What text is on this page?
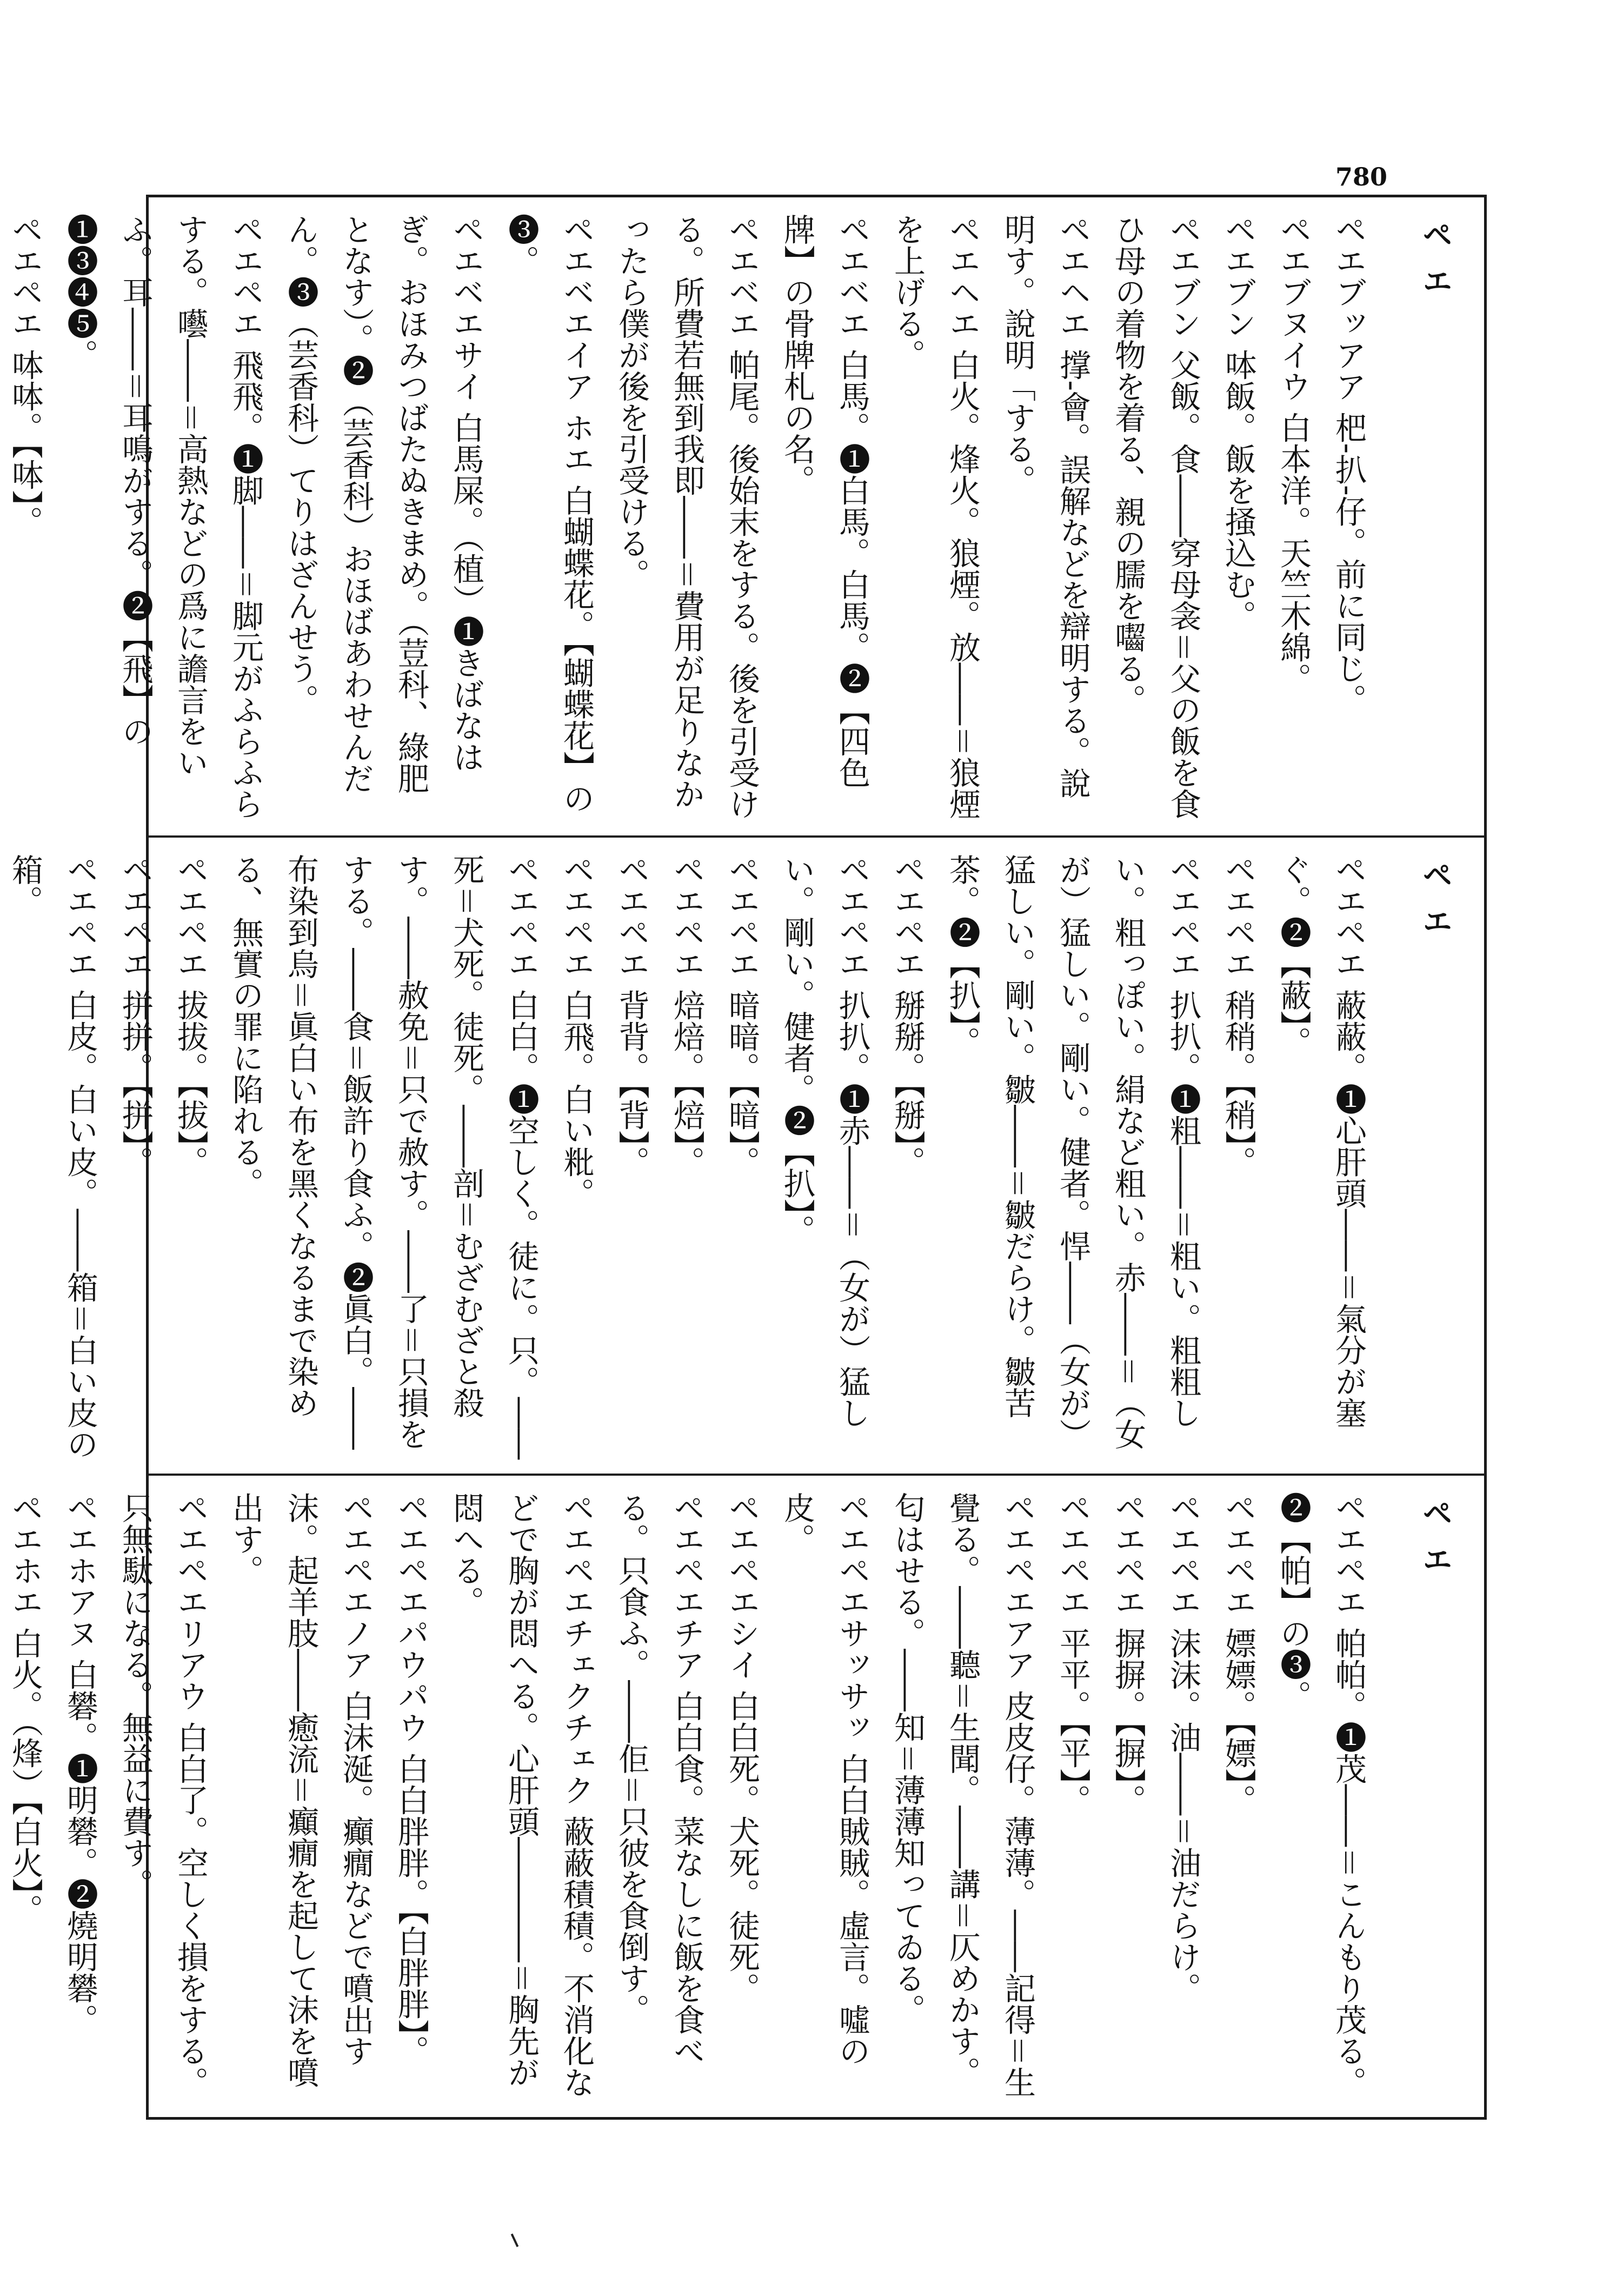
780
ペエ

ペエブッアア 杷-扒-仔。前に同じ。

ペエブヌイウ 白本洋。天竺木綿。

ペエブン 呠飯。飯を掻込む。

ペエブン 父飯。食――穿母衾＝父の飯を食ひ母の着物を着る、親の臑を囓る。

ペエヘエ 撑-會。誤解などを辯明する。說明す。說明「する。

ペエヘエ 白火。烽火。狼煙。放――＝狼煙を上げる。

ペエベエ 白馬。❶白馬。白馬。❷【四色牌】の骨牌札の名。

ペエベエ 帕尾。後始末をする。後を引受ける。所費若無到我即――＝費用が足りなかったら僕が後を引受ける。

ペエベエイア ホエ 白蝴蝶花。【蝴蝶花】の❸。

ペエベエサイ 白馬屎。（植）❶きばなはぎ。おほみつばたぬきまめ。（荳科、綠肥となす）。❷（芸香科）おほばあわせんだん。❸（芸香科）てりはざんせう。

ペエペエ 飛飛。❶脚――＝脚元がふらふらする。囈――＝高熱などの爲に譫言をいふ。耳――＝耳鳴がする。❷【飛】の❶❸❹❺。

ペエペエ 呠呠。【呠】。

ペエ

ペエペエ 蔽蔽。❶心肝頭――＝氣分が塞ぐ。❷【蔽】。

ペエペエ 稍稍。【稍】。

ペエペエ 扒扒。❶粗――＝粗い。粗粗しい。粗っぽい。絹など粗い。赤――＝（女が）猛しい。剛い。健者。悍――（女が）猛しい。剛い。皺――＝皺だらけ。皺苦茶。❷【扒】。

ペエペエ 掰掰。【掰】。

ペエペエ 扒扒。❶赤――＝（女が）猛しい。剛い。健者。❷【扒】。

ペエペエ 暗暗。【暗】。

ペエペエ 焙焙。【焙】。

ペエペエ 背背。【背】。

ペエペエ 白飛。白い粃。

ペエペエ 白白。❶空しく。徒に。只。――死＝犬死。徒死。――剖＝むざむざと殺す。――赦免＝只で赦す。――了＝只損をする。――食＝飯許り食ふ。❷眞白。――布染到烏＝眞白い布を黑くなるまで染める、無實の罪に陷れる。

ペエペエ 拔拔。【拔】。

ペエペエ 拼拼。【拼】。

ペエペエ 白皮。白い皮。――箱＝白い皮の箱。

ペエ

ペエペエ 帕帕。❶茂――＝こんもり茂る。❷【帕】の❸。

ペエペエ 嫖嫖。【嫖】。

ペエペエ 沫沫。油――＝油だらけ。

ペエペエ 摒摒。【摒】。

ペエペエ 平平。【平】。

ペエペエアア 皮皮仔。薄薄。――記得＝生覺る。――聽＝生聞。――講＝仄めかす。匂はせる。――知＝薄薄知ってゐる。

ペエペエサッサッ 白白賊賊。虛言。噓の皮。

ペエペエシイ 白白死。犬死。徒死。

ペエペエチア 白白食。菜なしに飯を食べる。只食ふ。――佢＝只彼を食倒す。

ペエペエチェクチェク 蔽蔽積積。不消化などで胸が悶へる。心肝頭――――＝胸先が悶へる。

ペエペエパウパウ 白白胖胖。【白胖胖】。

ペエペエノア 白沫涎。癲癇などで噴出す沫。起羊肢――癒流＝癲癇を起して沫を噴出す。

ペエペエリアウ 白白了。空しく損をする。只無駄になる。無益に費す。

ペエホアヌ 白礬。❶明礬。❷燒明礬。

ペエホエ 白火。（烽）【白火】。
